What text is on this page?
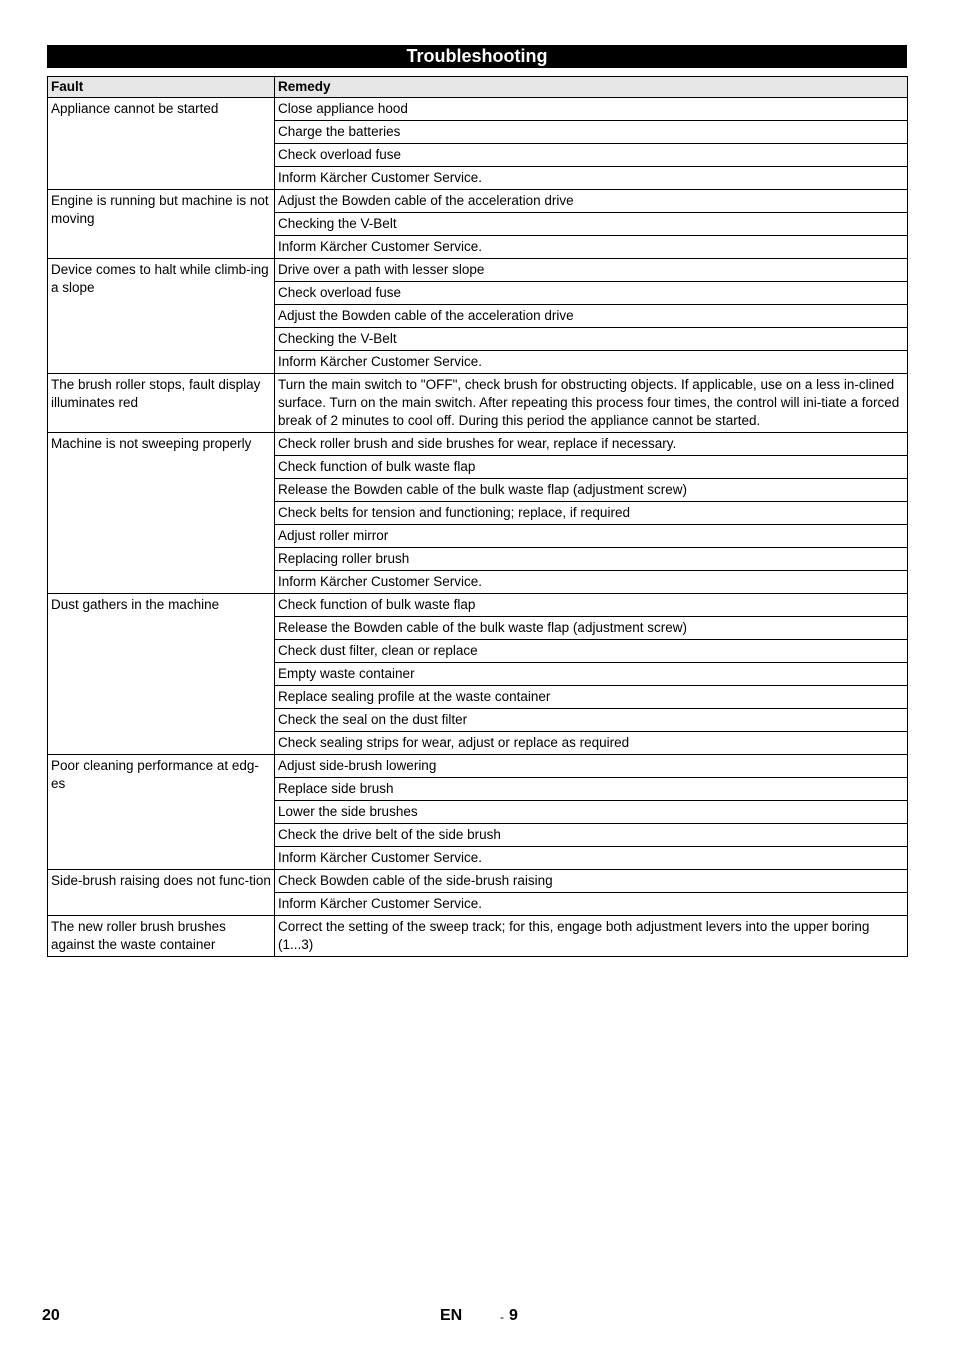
Troubleshooting
Fault	Remedy
Appliance cannot be started	Close appliance hood
	Charge the batteries
	Check overload fuse
	Inform Kärcher Customer Service.
Engine is running but machine is not moving	Adjust the Bowden cable of the acceleration drive
	Checking the V-Belt
	Inform Kärcher Customer Service.
Device comes to halt while climb-ing a slope	Drive over a path with lesser slope
	Check overload fuse
	Adjust the Bowden cable of the acceleration drive
	Checking the V-Belt
	Inform Kärcher Customer Service.
The brush roller stops, fault display illuminates red	Turn the main switch to "OFF", check brush for obstructing objects. If applicable, use on a less in-clined surface. Turn on the main switch. After repeating this process four times, the control will ini-tiate a forced break of 2 minutes to cool off. During this period the appliance cannot be started.
Machine is not sweeping properly	Check roller brush and side brushes for wear, replace if necessary.
	Check function of bulk waste flap
	Release the Bowden cable of the bulk waste flap (adjustment screw)
	Check belts for tension and functioning; replace, if required
	Adjust roller mirror
	Replacing roller brush
	Inform Kärcher Customer Service.
Dust gathers in the machine	Check function of bulk waste flap
	Release the Bowden cable of the bulk waste flap (adjustment screw)
	Check dust filter, clean or replace
	Empty waste container
	Replace sealing profile at the waste container
	Check the seal on the dust filter
	Check sealing strips for wear, adjust or replace as required
Poor cleaning performance at edg-es	Adjust side-brush lowering
	Replace side brush
	Lower the side brushes
	Check the drive belt of the side brush
	Inform Kärcher Customer Service.
Side-brush raising does not func-tion	Check Bowden cable of the side-brush raising
	Inform Kärcher Customer Service.
The new roller brush brushes against the waste container	Correct the setting of the sweep track; for this, engage both adjustment levers into the upper boring (1...3)
20	EN	- 9
